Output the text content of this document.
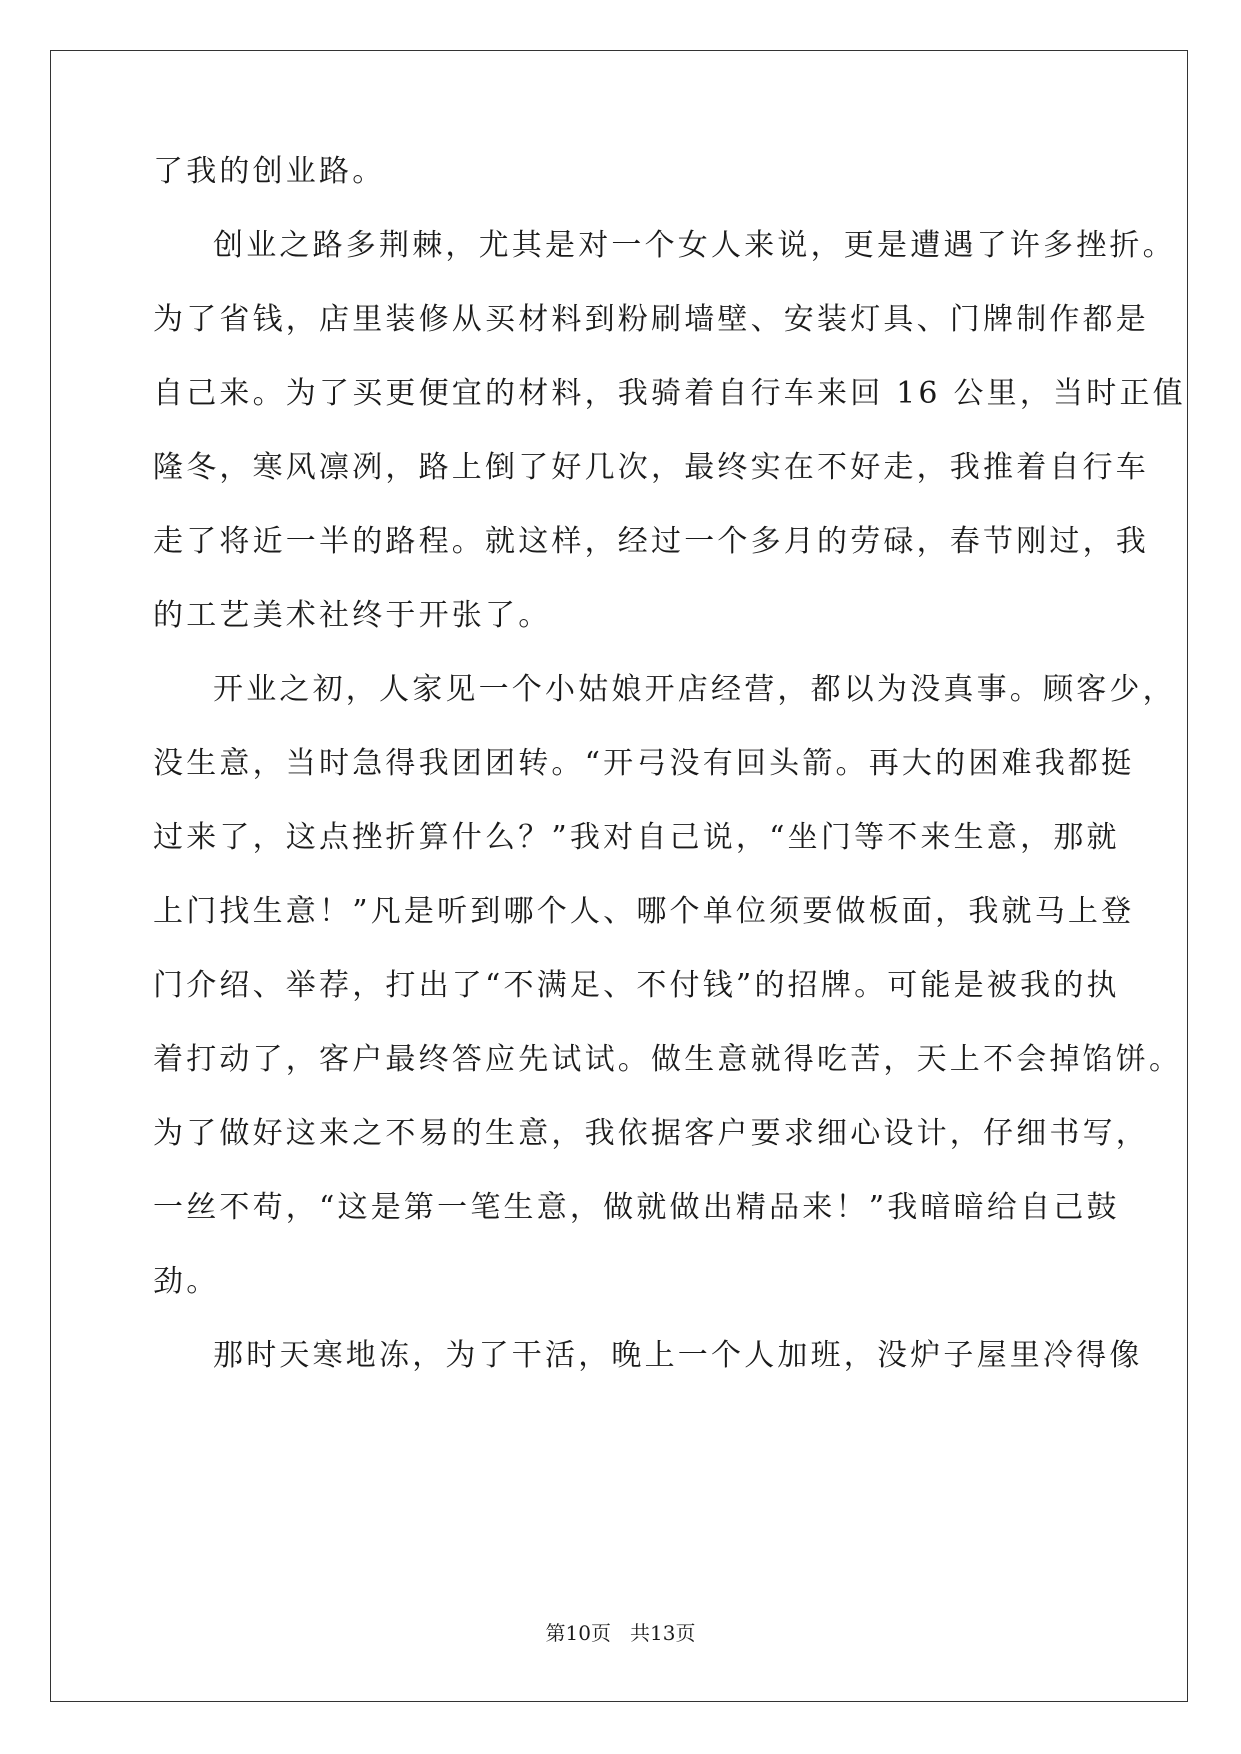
了我的创业路。
创业之路多荆棘，尤其是对一个女人来说，更是遭遇了许多挫折。
为了省钱，店里装修从买材料到粉刷墙壁、安装灯具、门牌制作都是
自己来。为了买更便宜的材料，我骑着自行车来回 16 公里，当时正值
隆冬，寒风凛冽，路上倒了好几次，最终实在不好走，我推着自行车
走了将近一半的路程。就这样，经过一个多月的劳碌，春节刚过，我
的工艺美术社终于开张了。
开业之初，人家见一个小姑娘开店经营，都以为没真事。顾客少，
没生意，当时急得我团团转。“开弓没有回头箭。再大的困难我都挺
过来了，这点挫折算什么？”我对自己说，“坐门等不来生意，那就
上门找生意！”凡是听到哪个人、哪个单位须要做板面，我就马上登
门介绍、举荐，打出了“不满足、不付钱”的招牌。可能是被我的执
着打动了，客户最终答应先试试。做生意就得吃苦，天上不会掉馅饼。
为了做好这来之不易的生意，我依据客户要求细心设计，仔细书写，
一丝不苟，“这是第一笔生意，做就做出精品来！”我暗暗给自己鼓
劲。
那时天寒地冻，为了干活，晚上一个人加班，没炉子屋里冷得像
第10页   共13页
